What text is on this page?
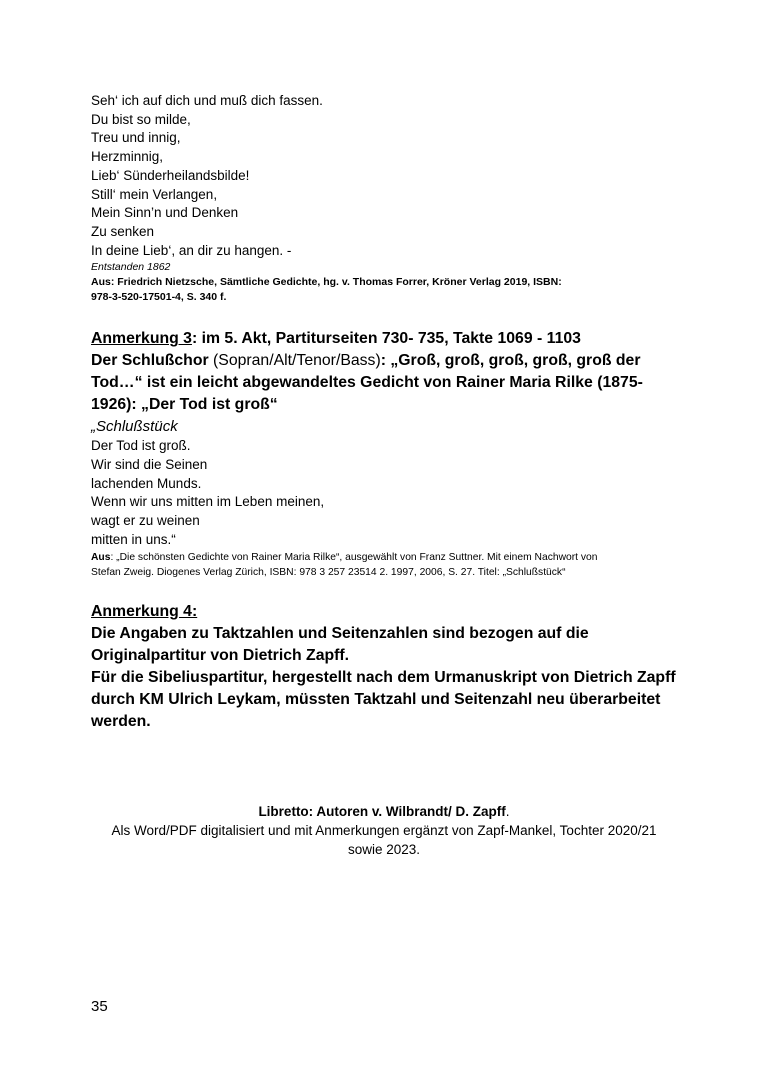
Seh‘ ich auf dich und muß dich fassen.
Du bist so milde,
Treu und innig,
Herzminnig,
Lieb‘ Sünderheilandsbilde!
Still‘ mein Verlangen,
Mein Sinn’n und Denken
Zu senken
In deine Lieb‘, an dir zu hangen. -
Entstanden 1862
Aus: Friedrich Nietzsche, Sämtliche Gedichte, hg. v. Thomas Forrer, Kröner Verlag 2019, ISBN:
978-3-520-17501-4, S. 340 f.
Anmerkung 3: im 5. Akt, Partiturseiten 730- 735, Takte 1069 - 1103
Der Schlußchor (Sopran/Alt/Tenor/Bass): „Groß, groß, groß, groß, groß der
Tod…“ ist ein leicht abgewandeltes Gedicht von Rainer Maria Rilke (1875-
1926): „Der Tod ist groß“
„Schlußstück
Der Tod ist groß.
Wir sind die Seinen
lachenden Munds.
Wenn wir uns mitten im Leben meinen,
wagt er zu weinen
mitten in uns.“
Aus: „Die schönsten Gedichte von Rainer Maria Rilke“, ausgewählt von Franz Suttner. Mit einem Nachwort von
Stefan Zweig. Diogenes Verlag Zürich, ISBN: 978 3 257 23514 2. 1997, 2006, S. 27. Titel: „Schlußstück“
Anmerkung 4:
Die Angaben zu Taktzahlen und Seitenzahlen sind bezogen auf die
Originalpartitur von Dietrich Zapff.
Für die Sibeliuspartitur, hergestellt nach dem Urmanuskript von Dietrich Zapff
durch KM Ulrich Leykam, müssten Taktzahl und Seitenzahl neu überarbeitet
werden.
Libretto: Autoren v. Wilbrandt/ D. Zapff.
Als Word/PDF digitalisiert und mit Anmerkungen ergänzt von Zapf-Mankel, Tochter 2020/21
sowie 2023.
35
